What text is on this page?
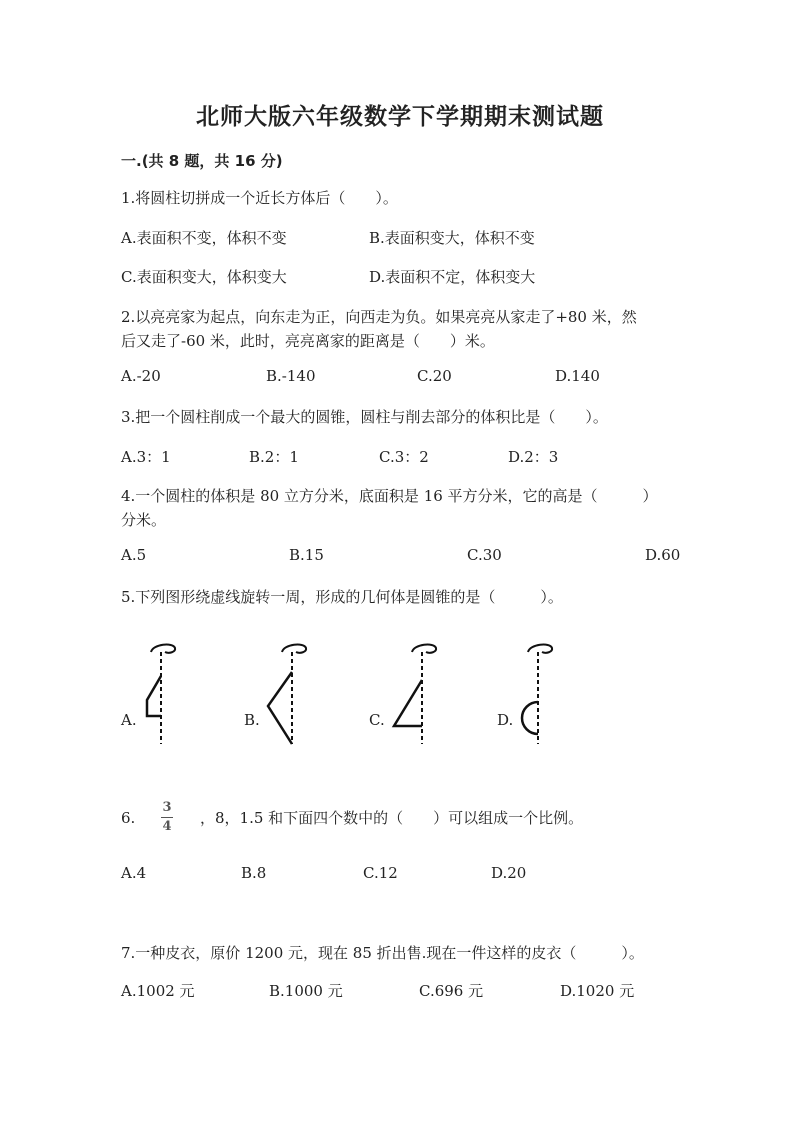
北师大版六年级数学下学期期末测试题
一.(共 8 题，共 16 分)
1.将圆柱切拼成一个近长方体后（　　）。
A.表面积不变，体积不变	B.表面积变大，体积不变
C.表面积变大，体积变大	D.表面积不定，体积变大
2.以亮亮家为起点，向东走为正，向西走为负。如果亮亮从家走了+80 米，然
后又走了-60 米，此时，亮亮离家的距离是（　　）米。
A.-20	B.-140	C.20	D.140
3.把一个圆柱削成一个最大的圆锥，圆柱与削去部分的体积比是（　　）。
A.3：1	B.2：1	C.3：2	D.2：3
4.一个圆柱的体积是 80 立方分米，底面积是 16 平方分米，它的高是（　　　）
分米。
A.5	B.15	C.30	D.60
5.下列图形绕虚线旋转一周，形成的几何体是圆锥的是（　　　）。
A.	B.	C.	D.
6.
3
4 ，8，1.5 和下面四个数中的（　　）可以组成一个比例。
A.4	B.8	C.12	D.20
7.一种皮衣，原价 1200 元，现在 85 折出售.现在一件这样的皮衣（　　　）。
A.1002 元	B.1000 元	C.696 元	D.1020 元
